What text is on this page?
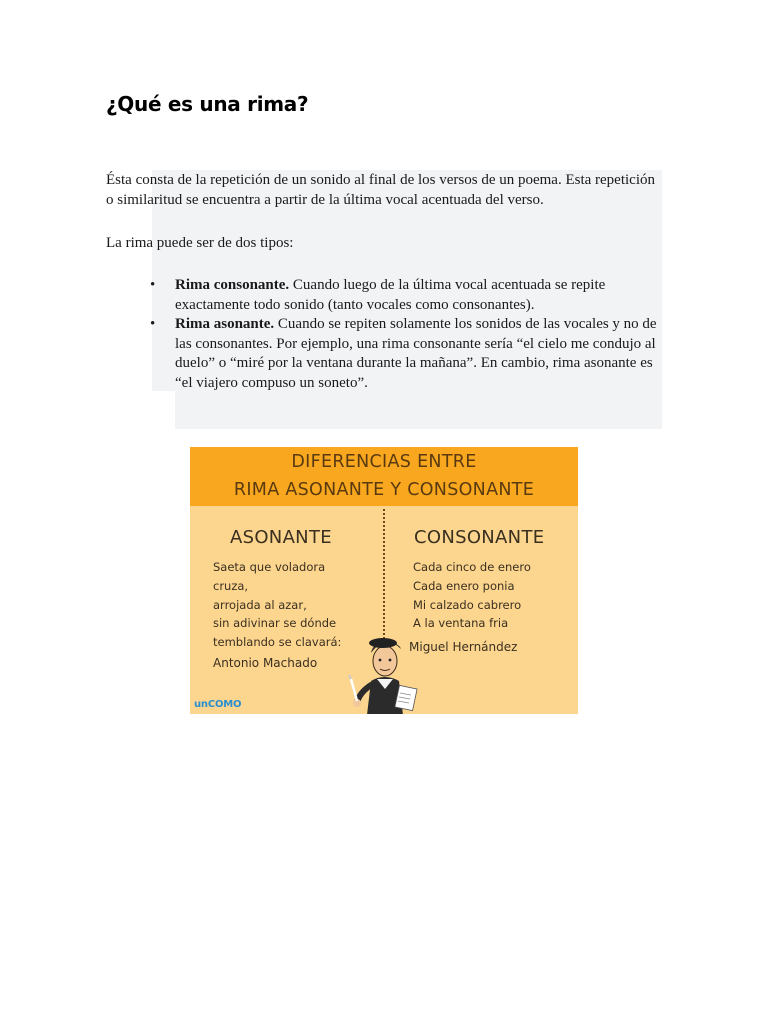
¿Qué es una rima?

Ésta consta de la repetición de un sonido al final de los versos de un poema. Esta repetición o similaritud se encuentra a partir de la última vocal acentuada del verso.

La rima puede ser de dos tipos:

• Rima consonante. Cuando luego de la última vocal acentuada se repite exactamente todo sonido (tanto vocales como consonantes).
• Rima asonante. Cuando se repiten solamente los sonidos de las vocales y no de las consonantes. Por ejemplo, una rima consonante sería “el cielo me condujo al duelo” o “miré por la ventana durante la mañana”. En cambio, rima asonante es “el viajero compuso un soneto”.
DIFERENCIAS ENTRE
RIMA ASONANTE Y CONSONANTE
ASONANTE
Saeta que voladora
cruza,
arrojada al azar,
sin adivinar se dónde
temblando se clavará:
Antonio Machado
CONSONANTE
Cada cinco de enero
Cada enero ponia
Mi calzado cabrero
A la ventana fria
Miguel Hernández
unCOMO
